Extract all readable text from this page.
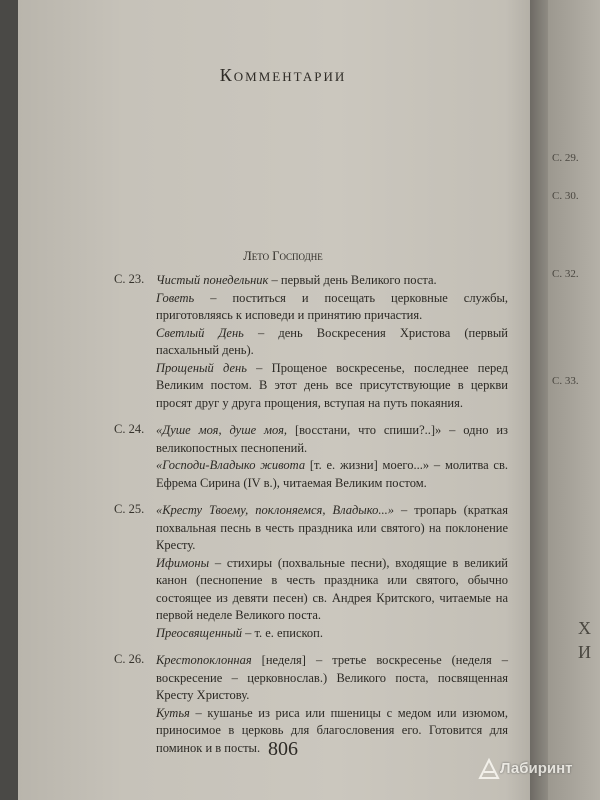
Комментарии
Лето Господне
С. 23. Чистый понедельник – первый день Великого поста.

Говеть – поститься и посещать церковные службы, приготовляясь к исповеди и принятию причастия.

Светлый День – день Воскресения Христова (первый пасхальный день).

Прощеный день – Прощеное воскресенье, последнее перед Великим постом. В этот день все присутствующие в церкви просят друг у друга прощения, вступая на путь покаяния.

С. 24. «Душе моя, душе моя, [восстани, что спиши?..]» – одно из великопостных песнопений.

«Господи-Владыко живота [т. е. жизни] моего...» – молитва св. Ефрема Сирина (IV в.), читаемая Великим постом.

С. 25. «Кресту Твоему, поклоняемся, Владыко...» – тропарь (краткая похвальная песнь в честь праздника или святого) на поклонение Кресту.

Ифимоны – стихиры (похвальные песни), входящие в великий канон (песнопение в честь праздника или святого, обычно состоящее из девяти песен) св. Андрея Критского, читаемые на первой неделе Великого поста.

Преосвященный – т. е. епископ.

С. 26. Крестопоклонная [неделя] – третье воскресенье (неделя – воскресение – церковнослав.) Великого поста, посвященная Кресту Христову.

Кутья – кушанье из риса или пшеницы с медом или изюмом, приносимое в церковь для благословения его. Готовится для поминок и в посты. 806
С. 29.
С. 30.
С. 32.
С. 33.
Х
И
Лабиринт
